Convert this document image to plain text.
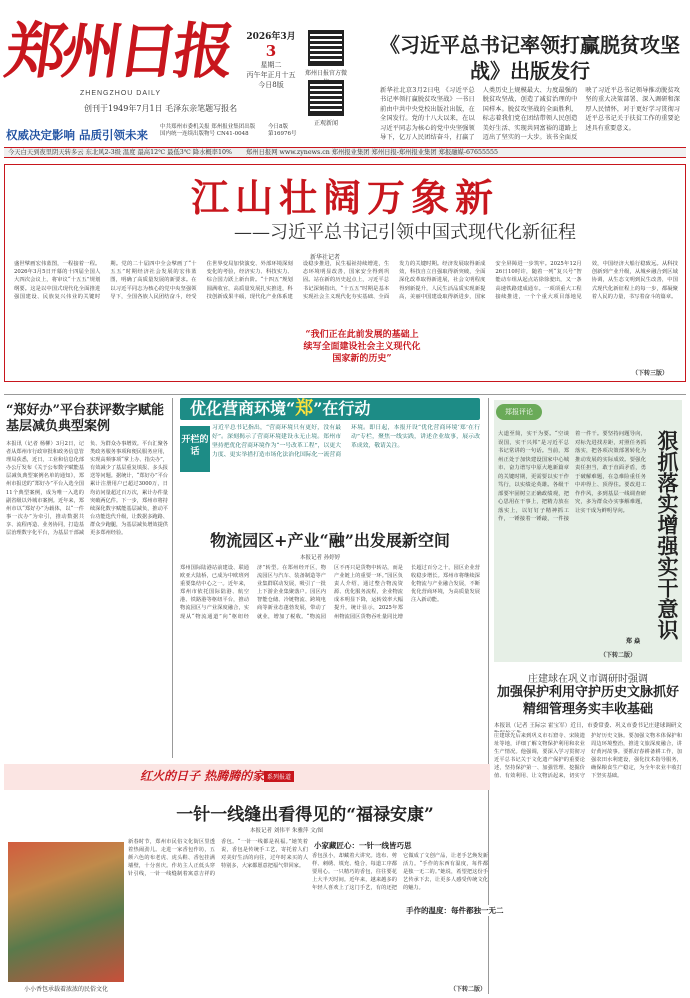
郑州日报
ZHENGZHOU DAILY
创刊于1949年7月1日 毛泽东亲笔题写报名
2026年3月
3
星期二
丙午年正月十五
今日8版
郑州日报官方微
正观新闻
《习近平总书记率领打赢脱贫攻坚战》出版发行
新华社北京3月2日电 《习近平总书记率领打赢脱贫攻坚战》一书日前由中共中央党校出版社出版，在全国发行。党的十八大以来，在以习近平同志为核心的党中央坚强领导下，亿万人民团结奋斗，打赢了人类历史上规模最大、力度最强的脱贫攻坚战，创造了减贫治理的中国样本。脱贫攻坚战的全面胜利，标志着我们党在团结带领人民创造美好生活、实现共同富裕的道路上迈出了坚实的一大步。该书全面反映了习近平总书记领导推动脱贫攻坚的重大决策部署、深入调研和深厚人民情怀，对于更好学习贯彻习近平总书记关于扶贫工作的重要论述具有重要意义。
权威决定影响 品质引领未来
中共郑州市委机关报 郑州报业集团出版
国内统一连续出版物号 CN41-0048
今日8版
第16976号
今天白天到夜里阴天转多云 东北风2-3级 温度 最高12℃ 最低3℃ 降水概率10% 郑州日报网 www.zynews.cn 郑州报业集团 郑州日报-郑州报业集团 郑报融媒-67655555
江山壮阔万象新
——习近平总书记引领中国式现代化新征程
新华社记者
盛世擘画宏伟蓝图，一程接着一程。2026年3月5日开幕的十四届全国人大四次会议上，将审议“十五五”规划纲要。这是以中国式现代化全面推进强国建设、民族复兴伟业的关键时期。党的二十届四中全会擘画了“十五五”时期经济社会发展的宏伟蓝图，明确了高质量发展的新要求。在以习近平同志为核心的党中央坚强领导下，全国各族人民团结奋斗，经受住世界变局加快演变、外部环境深刻变化的考验，经济实力、科技实力、综合国力跃上新台阶。“十四五”规划圆满收官，高质量发展扎实推进，科技创新成果丰硕，现代化产业体系建设稳步推进，民生福祉持续增进，生态环境明显改善，国家安全得到巩固。站在新的历史起点上，习近平总书记深刻指出，“十五五”时期是基本实现社会主义现代化夯实基础、全面发力的关键时期。经济发展取得新成效，科技自立自强取得新突破，全面深化改革取得新进展，社会文明程度得到新提升，人民生活品质实现新提高，美丽中国建设取得新进步，国家安全屏障进一步筑牢。2025年12月26日10时许，随着一列“复兴号”智能动车组从起点站徐徐驶出，又一条高速铁路建成通车。一项项重大工程接续推进，一个个重大项目落地见效，中国经济大船行稳致远。从科技创新到产业升级，从城乡融合到区域协调，从生态文明到民生改善，中国式现代化新征程上的每一步，都凝聚着人民的力量，书写着奋斗的篇章。
“我们正在此前发展的基础上续写全面建设社会主义现代化国家新的历史”
（下转三版）
“郑好办”平台获评数字赋能基层减负典型案例
本报讯（记者 杨柳）3月2日，记者从郑州市行政审批和政务信息管理局获悉，近日，工业和信息化部办公厅发布《关于公布数字赋能基层减负典型案例名单的通知》，郑州市报送的“郑好办”平台入选全国11个典型案例，成为唯一入选的副省级以外城市案例。近年来，郑州市以“郑好办”为载体，以“一件事一次办”为牵引，推动数据共享、流程再造、业务协同，打造基层治理数字化平台，为基层干部减负、为群众办事增效。平台汇聚各类政务服务事项和便民服务应用，实现高频事项“掌上办、指尖办”，有效减少了基层重复填报、多头报送等问题。据统计，“郑好办”平台累计注册用户已超过3000万，日均访问量超过百万次，累计办件量突破两亿件。下一步，郑州市将持续深化数字赋能基层减负，推动平台功能迭代升级，让数据多跑路、群众少跑腿，为基层减负增效提供更多郑州经验。
优化营商环境“郑”在行动
开栏的话
习近平总书记指出，“营商环境只有更好，没有最好”。深刻揭示了营商环境建设永无止境。郑州市坚持把优化营商环境作为“一号改革工程”，以更大力度、更实举措打造市场化法治化国际化一流营商环境。即日起，本报开设“优化营商环境‘郑’在行动”专栏，聚焦一线实践，讲述企业故事，展示改革成效，敬请关注。
物流园区+产业“融”出发展新空间
本报记者 孙婷婷
郑州国际陆港站前建设、联通欧亚大陆桥，已成为中欧班列重要集结中心之一。近年来，郑州市依托国际陆港、航空港、铁路港等枢纽平台，推动物流园区与产业深度融合，实现从“物流通道”向“枢纽经济”转型。在郑州经开区，物流园区与汽车、装备制造等产业集群联动发展，吸引了一批上下游企业集聚落户。园区内智能仓储、冷链物流、跨境电商等新业态蓬勃发展，带动了就业，增加了税收。“物流园区不再只是货物中转站，而是产业链上的重要一环。”园区负责人介绍，通过整合物流资源、优化服务流程，企业物流成本明显下降，运转效率大幅提升。统计显示，2025年郑州物流园区货物吞吐量同比增长超过百分之十，园区企业营收稳步增长。郑州市将继续深化物流与产业融合发展，不断优化营商环境，为高质量发展注入新动能。
郑报评论
狠抓落实增强实干意识
郑 焱
大道至简，实干为要。“空谈误国，实干兴邦”是习近平总书记常讲的一句话。当前，郑州正处于加快建设国家中心城市、奋力谱写中原大地新篇章的关键时期，更需要以实干作笃行，以实绩论英雄。各级干部要牢固树立正确政绩观，把心思用在干事上，把精力放在落实上，以钉钉子精神抓工作，一锤接着一锤敲，一件接着一件干。要坚持问题导向，对标先进找差距，对照任务抓落实，把各项决策部署转化为推动发展的实际成效。要强化责任担当，敢于直面矛盾，勇于破解难题，在急难险重任务中冲得上、顶得住。要改进工作作风，多到基层一线调查研究，多为群众办实事解难题，让实干成为鲜明导向。
（下转二版）
庄建球在巩义市调研时强调
加强保护利用守护历史文脉抓好精细管理务实丰收基础
本报讯（记者 王际宗 霍宝军）近日，市委常委、巩义市委书记庄建球调研文
庄建球先后来到巩义市石窟寺、宋陵遗址等地，详细了解文物保护利用和农业生产情况。他强调，要深入学习贯彻习近平总书记关于文化遗产保护的重要论述，坚持保护第一、加强管理、挖掘价值、有效利用、让文物活起来，切实守护好历史文脉。要加强文物本体保护和周边环境整治，推进文旅深度融合，讲好黄河故事。要抓好春耕备耕工作，加强农田水利建设，强化技术指导服务，确保粮食生产稳定，为全年农业丰收打下坚实基础。
红火的日子 热腾腾的家 系列报道
一针一线缝出看得见的“福禄安康”
本报记者 刘伟平 朱雅萍 文/图
小小香包承载着浓浓的民俗文化
新春时节，郑州市民俗文化街区里透着热闹劲儿。走进一家香包作坊，五颜六色的布老虎、虎头鞋、香包挂满墙壁，十分喜庆。作坊主人正低头穿针引线，一针一线缝制着寓意吉祥的香包。“一针一线都是祝福。”她笑着说，香包是传统手工艺，寄托着人们对美好生活的向往，过年时来买的人特别多，大家都愿意把福气带回家。
小家藏匠心：一针一线皆巧思
香包虽小，却藏着大讲究。选布、剪样、刺绣、填充、缝合，每道工序都要用心。一只精巧的香包，往往要花上大半天时间。近年来，越来越多的年轻人喜欢上了这门手艺，有的还把它做成了文创产品，让老手艺焕发新活力。“手作的东西有温度，每件都是独一无二的。”她说，希望把这份手艺传承下去，让更多人感受传统文化的魅力。
手作的温度：每件都独一无二
（下转二版）
